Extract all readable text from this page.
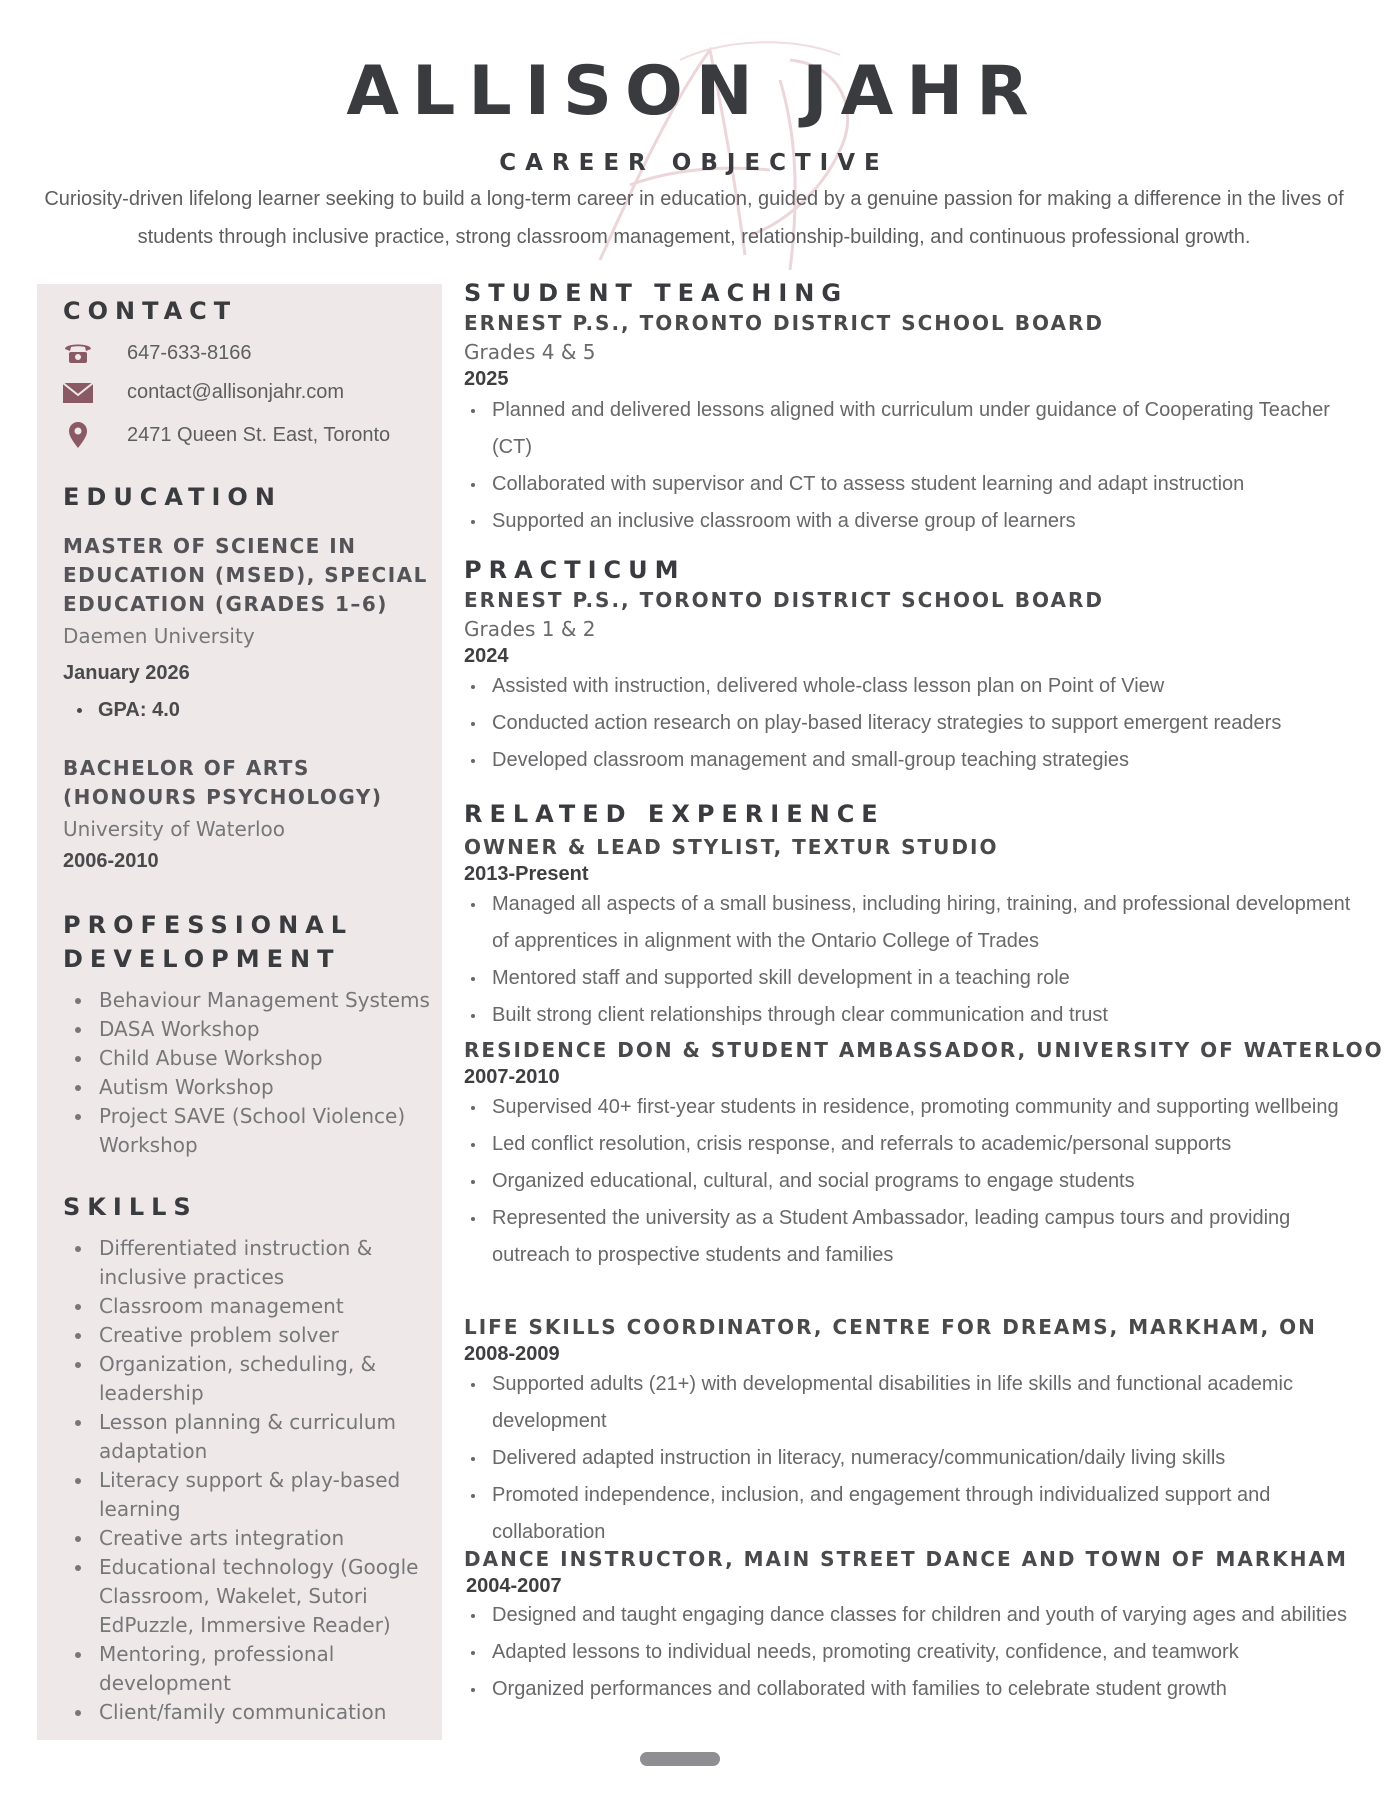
ALLISON JAHR
CAREER OBJECTIVE
Curiosity-driven lifelong learner seeking to build a long-term career in education, guided by a genuine passion for making a difference in the lives of students through inclusive practice, strong classroom management, relationship-building, and continuous professional growth.
CONTACT
647-633-8166
contact@allisonjahr.com
2471 Queen St. East, Toronto
EDUCATION
MASTER OF SCIENCE IN EDUCATION (MSED), SPECIAL EDUCATION (GRADES 1–6)
Daemen University
January 2026
GPA: 4.0
BACHELOR OF ARTS (HONOURS PSYCHOLOGY)
University of Waterloo
2006-2010
PROFESSIONAL
DEVELOPMENT
Behaviour Management Systems
DASA Workshop
Child Abuse Workshop
Autism Workshop
Project SAVE (School Violence) Workshop
SKILLS
Differentiated instruction & inclusive practices
Classroom management
Creative problem solver
Organization, scheduling, & leadership
Lesson planning & curriculum adaptation
Literacy support & play-based learning
Creative arts integration
Educational technology (Google Classroom, Wakelet, Sutori EdPuzzle, Immersive Reader)
Mentoring, professional development
Client/family communication
STUDENT TEACHING
ERNEST P.S., TORONTO DISTRICT SCHOOL BOARD
Grades 4 & 5
2025
Planned and delivered lessons aligned with curriculum under guidance of Cooperating Teacher (CT)
Collaborated with supervisor and CT to assess student learning and adapt instruction
Supported an inclusive classroom with a diverse group of learners
PRACTICUM
ERNEST P.S., TORONTO DISTRICT SCHOOL BOARD
Grades 1 & 2
2024
Assisted with instruction, delivered whole-class lesson plan on Point of View
Conducted action research on play-based literacy strategies to support emergent readers
Developed classroom management and small-group teaching strategies
RELATED EXPERIENCE
OWNER & LEAD STYLIST, TEXTUR STUDIO
2013-Present
Managed all aspects of a small business, including hiring, training, and professional development of apprentices in alignment with the Ontario College of Trades
Mentored staff and supported skill development in a teaching role
Built strong client relationships through clear communication and trust
RESIDENCE DON & STUDENT AMBASSADOR, UNIVERSITY OF WATERLOO
2007-2010
Supervised 40+ first-year students in residence, promoting community and supporting wellbeing
Led conflict resolution, crisis response, and referrals to academic/personal supports
Organized educational, cultural, and social programs to engage students
Represented the university as a Student Ambassador, leading campus tours and providing outreach to prospective students and families
LIFE SKILLS COORDINATOR, CENTRE FOR DREAMS, MARKHAM, ON
2008-2009
Supported adults (21+) with developmental disabilities in life skills and functional academic development
Delivered adapted instruction in literacy, numeracy/communication/daily living skills
Promoted independence, inclusion, and engagement through individualized support and collaboration
DANCE INSTRUCTOR, MAIN STREET DANCE AND TOWN OF MARKHAM
2004-2007
Designed and taught engaging dance classes for children and youth of varying ages and abilities
Adapted lessons to individual needs, promoting creativity, confidence, and teamwork
Organized performances and collaborated with families to celebrate student growth
